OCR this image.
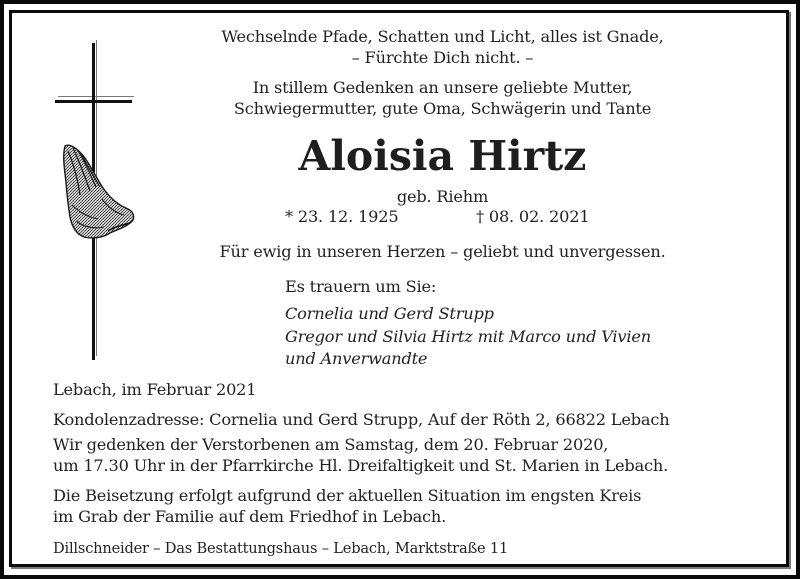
Wechselnde Pfade, Schatten und Licht, alles ist Gnade,
– Fürchte Dich nicht. –
In stillem Gedenken an unsere geliebte Mutter,
Schwiegermutter, gute Oma, Schwägerin und Tante
Aloisia Hirtz
geb. Riehm
* 23. 12. 1925	† 08. 02. 2021
Für ewig in unseren Herzen – geliebt und unvergessen.
Es trauern um Sie:
Cornelia und Gerd Strupp
Gregor und Silvia Hirtz mit Marco und Vivien
und Anverwandte
Lebach, im Februar 2021
Kondolenzadresse: Cornelia und Gerd Strupp, Auf der Röth 2, 66822 Lebach
Wir gedenken der Verstorbenen am Samstag, dem 20. Februar 2020,
um 17.30 Uhr in der Pfarrkirche Hl. Dreifaltigkeit und St. Marien in Lebach.
Die Beisetzung erfolgt aufgrund der aktuellen Situation im engsten Kreis
im Grab der Familie auf dem Friedhof in Lebach.
Dillschneider – Das Bestattungshaus – Lebach, Marktstraße 11
